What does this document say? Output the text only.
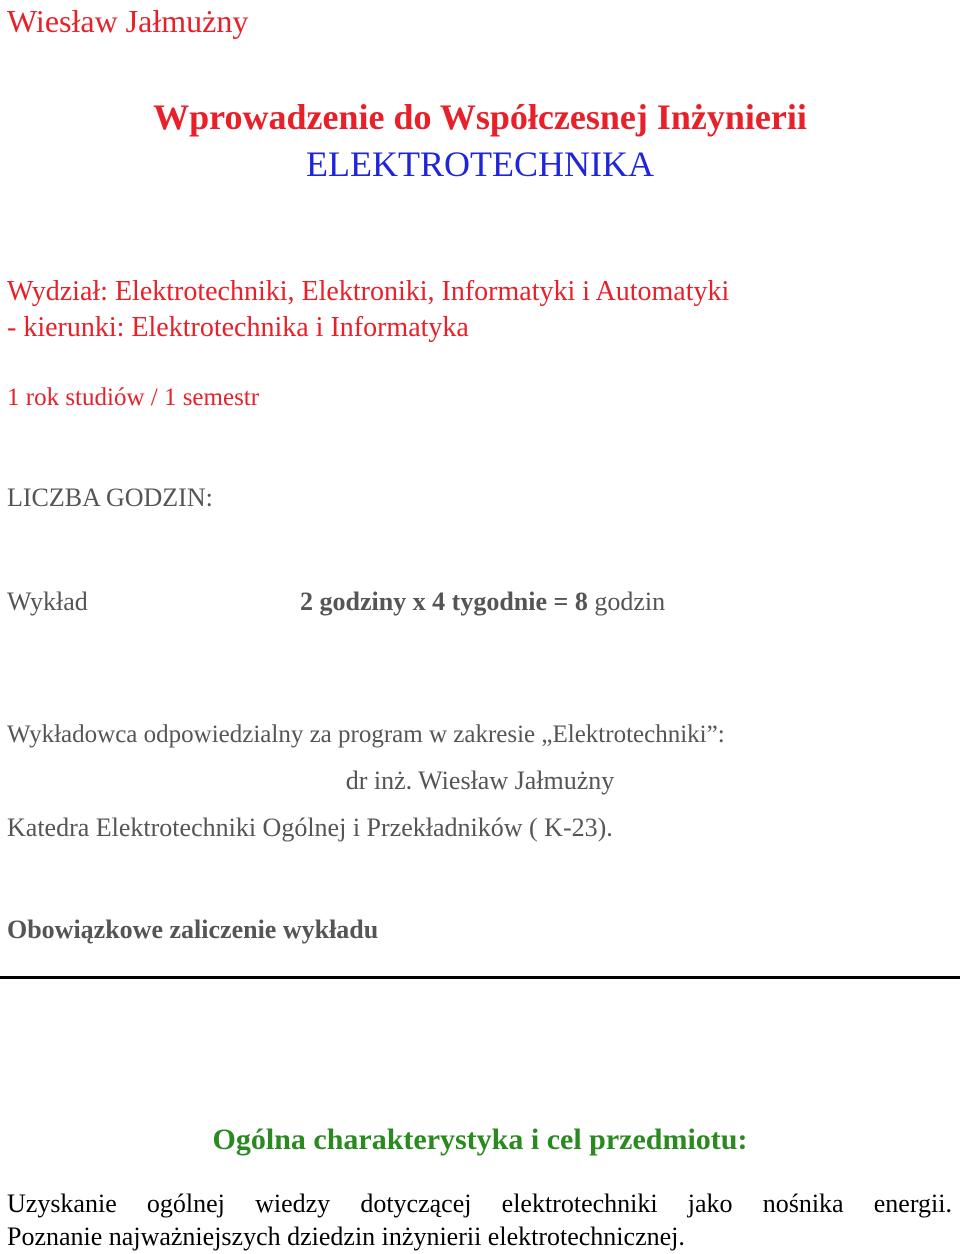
Wiesław Jałmużny
Wprowadzenie do Współczesnej Inżynierii
ELEKTROTECHNIKA
Wydział: Elektrotechniki, Elektroniki, Informatyki i Automatyki
- kierunki: Elektrotechnika i Informatyka
1 rok studiów / 1 semestr
LICZBA GODZIN:
Wykład	2 godziny x 4 tygodnie = 8 godzin
Wykładowca odpowiedzialny za program w zakresie „Elektrotechniki”:
dr inż. Wiesław Jałmużny
Katedra Elektrotechniki Ogólnej i Przekładników ( K-23).
Obowiązkowe zaliczenie wykładu
Ogólna charakterystyka i cel przedmiotu:
Uzyskanie ogólnej wiedzy dotyczącej elektrotechniki jako nośnika energii.
Poznanie najważniejszych dziedzin inżynierii elektrotechnicznej.
